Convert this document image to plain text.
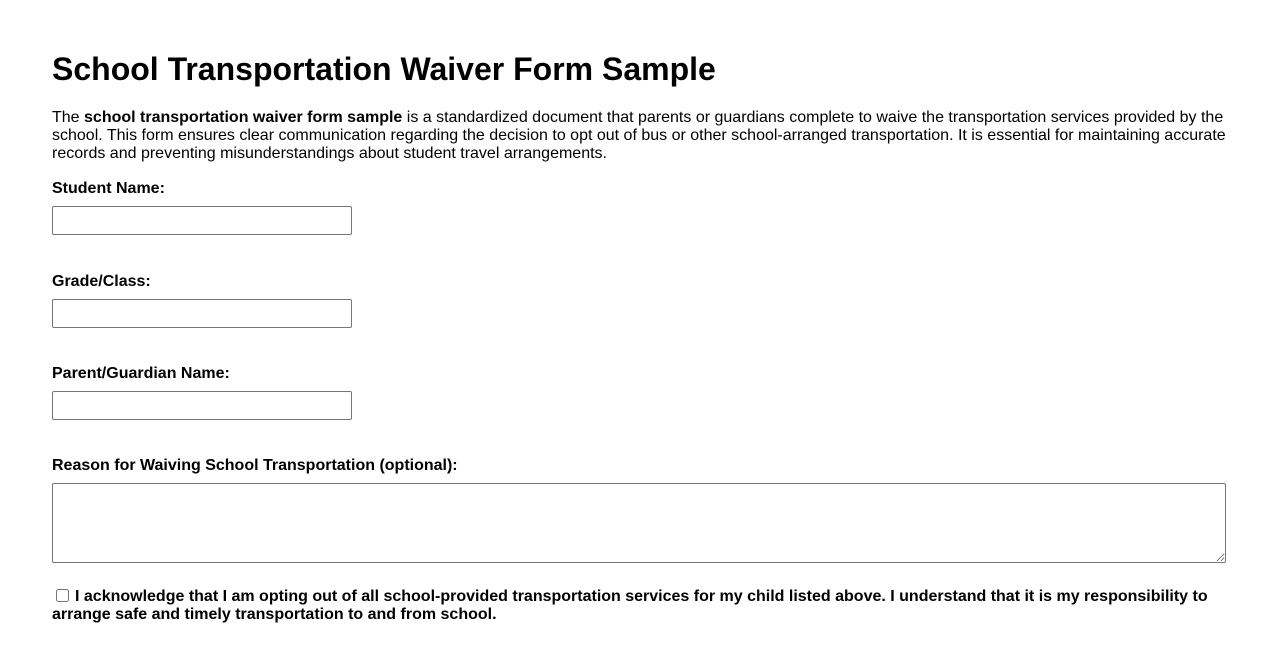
School Transportation Waiver Form Sample

The school transportation waiver form sample is a standardized document that parents or guardians complete to waive the transportation services provided by the school. This form ensures clear communication regarding the decision to opt out of bus or other school-arranged transportation. It is essential for maintaining accurate records and preventing misunderstandings about student travel arrangements.

Student Name:
Grade/Class:
Parent/Guardian Name:
Reason for Waiving School Transportation (optional):
I acknowledge that I am opting out of all school-provided transportation services for my child listed above. I understand that it is my responsibility to arrange safe and timely transportation to and from school.
